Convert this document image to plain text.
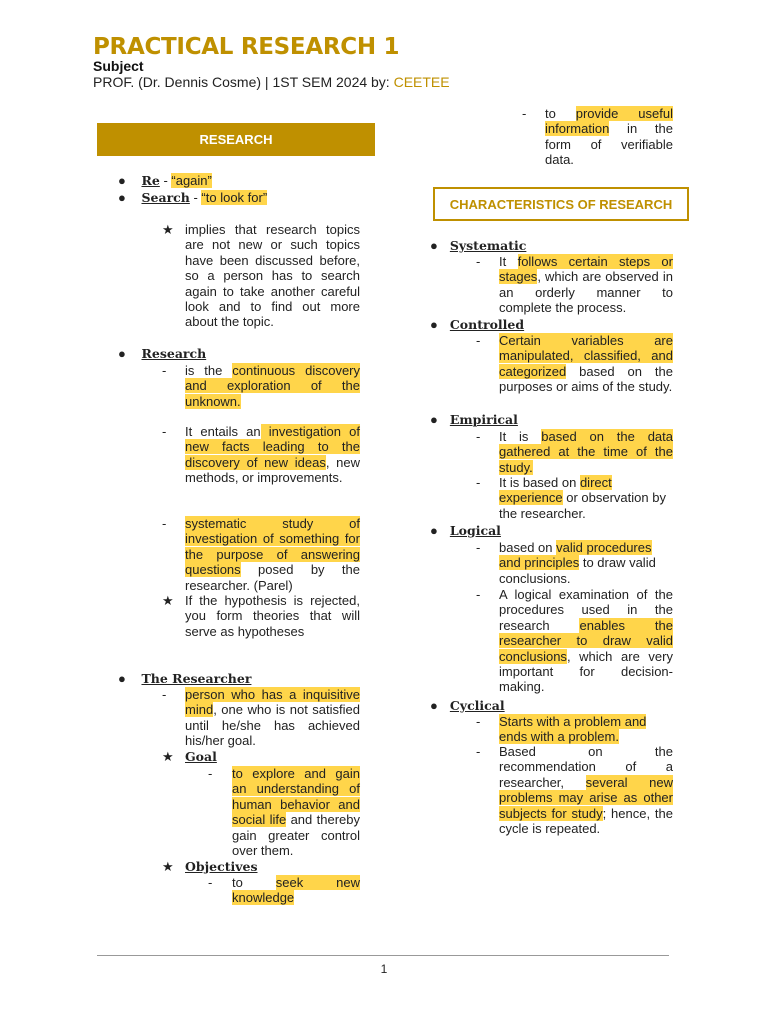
PRACTICAL RESEARCH 1
Subject
PROF. (Dr. Dennis Cosme) | 1ST SEM 2024 by: CEETEE
RESEARCH
● Re - “again”
● Search - “to look for”
★ implies that research topics are not new or such topics have been discussed before, so a person has to search again to take another careful look and to find out more about the topic.
● Research
- is the continuous discovery and exploration of the unknown.
- It entails an investigation of new facts leading to the discovery of new ideas, new methods, or improvements.
- systematic study of investigation of something for the purpose of answering questions posed by the researcher. (Parel)
★ If the hypothesis is rejected, you form theories that will serve as hypotheses
● The Researcher
- person who has a inquisitive mind, one who is not satisfied until he/she has achieved his/her goal.
★ Goal
- to explore and gain an understanding of human behavior and social life and thereby gain greater control over them.
★ Objectives
- to seek new knowledge
- to provide useful information in the form of verifiable data.
CHARACTERISTICS OF RESEARCH
● Systematic
- It follows certain steps or stages, which are observed in an orderly manner to complete the process.
● Controlled
- Certain variables are manipulated, classified, and categorized based on the purposes or aims of the study.
● Empirical
- It is based on the data gathered at the time of the study.
- It is based on direct experience or observation by the researcher.
● Logical
- based on valid procedures and principles to draw valid conclusions.
- A logical examination of the procedures used in the research enables the researcher to draw valid conclusions, which are very important for decision-making.
● Cyclical
- Starts with a problem and ends with a problem.
- Based on the recommendation of a researcher, several new problems may arise as other subjects for study; hence, the cycle is repeated.
1
